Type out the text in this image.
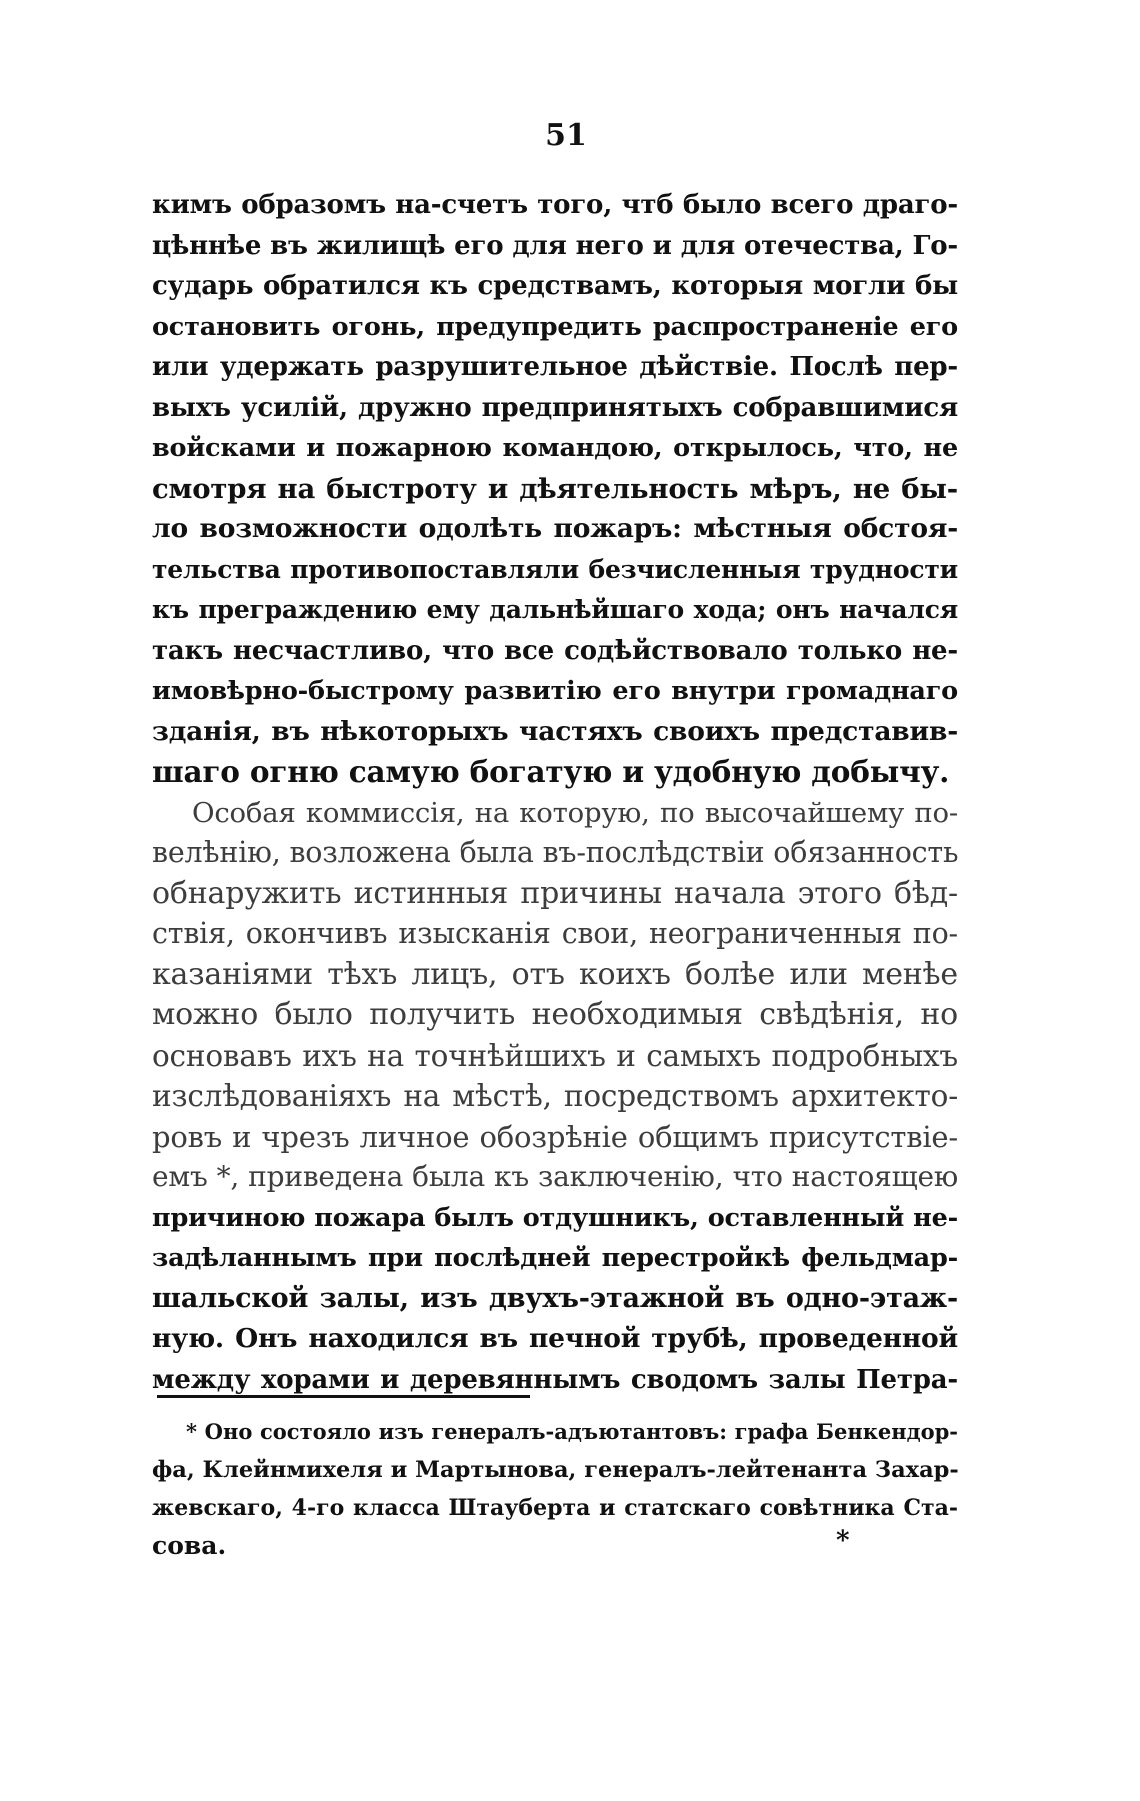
51
кимъ образомъ на-счетъ того, чтб было всего драго-
цѣннѣе въ жилищѣ его для него и для отечества, Го-
сударь обратился къ средствамъ, которыя могли бы
остановить огонь, предупредить распространеніе его
или удержать разрушительное дѣйствіе. Послѣ пер-
выхъ усилій, дружно предпринятыхъ собравшимися
войсками и пожарною командою, открылось, что, не
смотря на быстроту и дѣятельность мѣръ, не бы-
ло возможности одолѣть пожаръ: мѣстныя обстоя-
тельства противопоставляли безчисленныя трудности
къ преграждению ему дальнѣйшаго хода; онъ начался
такъ несчастливо, что все содѣйствовало только не-
имовѣрно-быстрому развитію его внутри громаднаго
зданія, въ нѣкоторыхъ частяхъ своихъ представив-
шаго огню самую богатую и удобную добычу.
Особая коммиссія, на которую, по высочайшему по-
велѣнію, возложена была въ-послѣдствіи обязанность
обнаружить истинныя причины начала этого бѣд-
ствія, окончивъ изысканія свои, неограниченныя по-
казаніями тѣхъ лицъ, отъ коихъ болѣе или менѣе
можно было получить необходимыя свѣдѣнія, но
основавъ ихъ на точнѣйшихъ и самыхъ подробныхъ
изслѣдованіяхъ на мѣстѣ, посредствомъ архитекто-
ровъ и чрезъ личное обозрѣніе общимъ присутствіе-
емъ *, приведена была къ заключенію, что настоящею
причиною пожара былъ отдушникъ, оставленный не-
задѣланнымъ при послѣдней перестройкѣ фельдмар-
шальской залы, изъ двухъ-этажной въ одно-этаж-
ную. Онъ находился въ печной трубѣ, проведенной
между хорами и деревяннымъ сводомъ залы Петра-
* Оно состояло изъ генералъ-адъютантовъ: графа Бенкендор-
фа, Клейнмихеля и Мартынова, генералъ-лейтенанта Захар-
жевскаго, 4-го класса Штауберта и статскаго совѣтника Ста-
сова.	*
